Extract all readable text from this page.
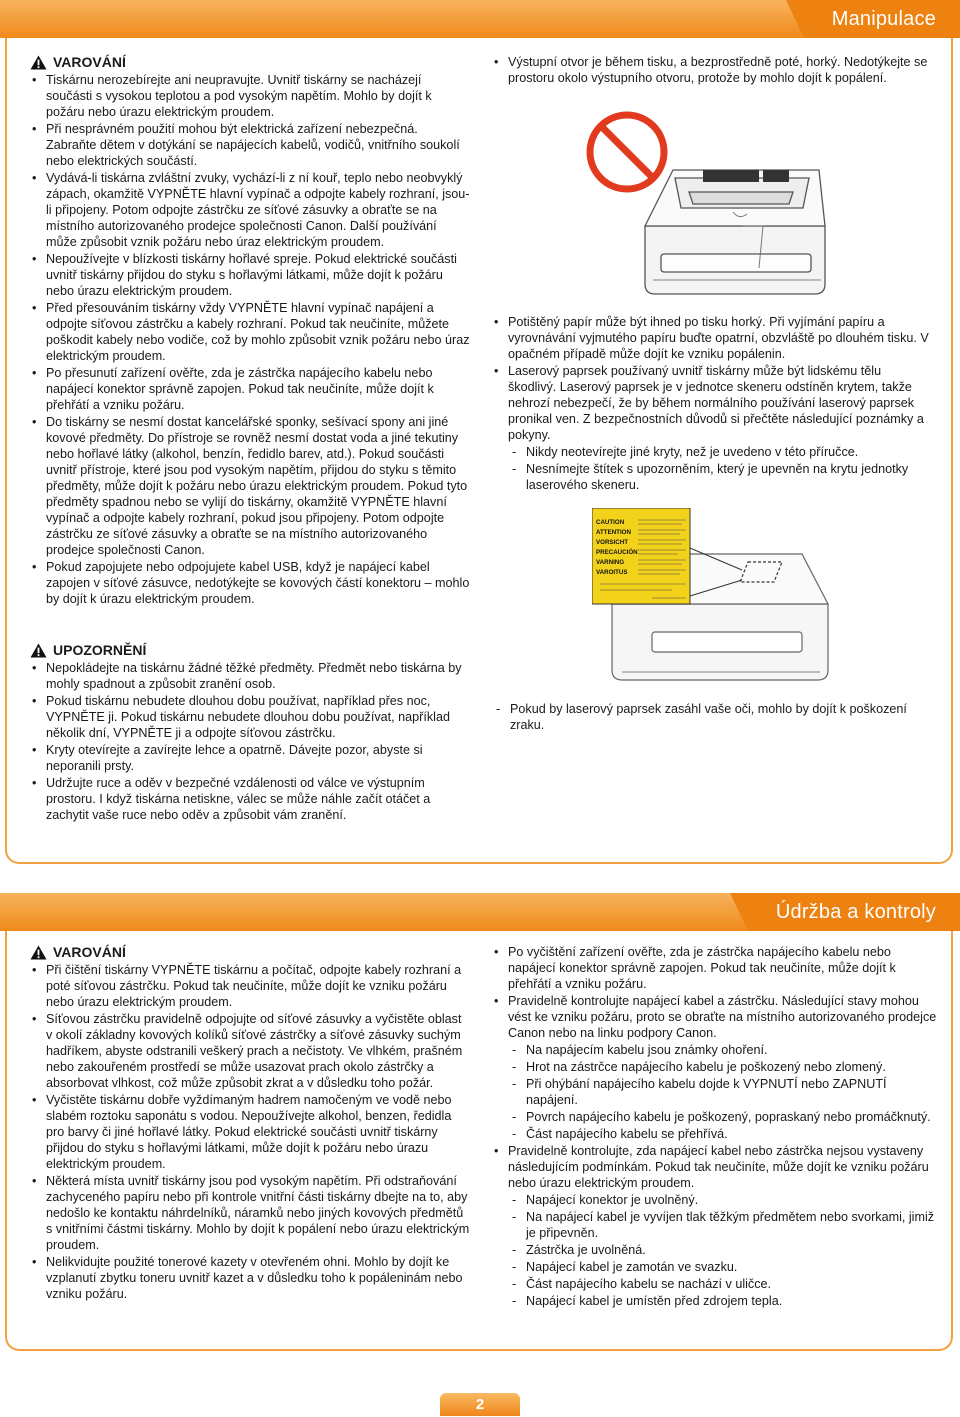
Manipulace
VAROVÁNÍ
• Tiskárnu nerozebírejte ani neupravujte. Uvnitř tiskárny se nacházejí součásti s vysokou teplotou a pod vysokým napětím. Mohlo by dojít k požáru nebo úrazu elektrickým proudem.
• Při nesprávném použití mohou být elektrická zařízení nebezpečná. Zabraňte dětem v dotýkání se napájecích kabelů, vodičů, vnitřního soukolí nebo elektrických součástí.
• Vydává-li tiskárna zvláštní zvuky, vychází-li z ní kouř, teplo nebo neobvyklý zápach, okamžitě VYPNĚTE hlavní vypínač a odpojte kabely rozhraní, jsou-li připojeny. Potom odpojte zástrčku ze síťové zásuvky a obraťte se na místního autorizovaného prodejce společnosti Canon. Další používání může způsobit vznik požáru nebo úraz elektrickým proudem.
• Nepoužívejte v blízkosti tiskárny hořlavé spreje. Pokud elektrické součásti uvnitř tiskárny přijdou do styku s hořlavými látkami, může dojít k požáru nebo úrazu elektrickým proudem.
• Před přesouváním tiskárny vždy VYPNĚTE hlavní vypínač napájení a odpojte síťovou zástrčku a kabely rozhraní. Pokud tak neučiníte, můžete poškodit kabely nebo vodiče, což by mohlo způsobit vznik požáru nebo úraz elektrickým proudem.
• Po přesunutí zařízení ověřte, zda je zástrčka napájecího kabelu nebo napájecí konektor správně zapojen. Pokud tak neučiníte, může dojít k přehřátí a vzniku požáru.
• Do tiskárny se nesmí dostat kancelářské sponky, sešívací spony ani jiné kovové předměty. Do přístroje se rovněž nesmí dostat voda a jiné tekutiny nebo hořlavé látky (alkohol, benzín, ředidlo barev, atd.). Pokud součásti uvnitř přístroje, které jsou pod vysokým napětím, přijdou do styku s těmito předměty, může dojít k požáru nebo úrazu elektrickým proudem. Pokud tyto předměty spadnou nebo se vylijí do tiskárny, okamžitě VYPNĚTE hlavní vypínač a odpojte kabely rozhraní, pokud jsou připojeny. Potom odpojte zástrčku ze síťové zásuvky a obraťte se na místního autorizovaného prodejce společnosti Canon.
• Pokud zapojujete nebo odpojujete kabel USB, když je napájecí kabel zapojen v síťové zásuvce, nedotýkejte se kovových částí konektoru – mohlo by dojít k úrazu elektrickým proudem.
UPOZORNĚNÍ
• Nepokládejte na tiskárnu žádné těžké předměty. Předmět nebo tiskárna by mohly spadnout a způsobit zranění osob.
• Pokud tiskárnu nebudete dlouhou dobu používat, například přes noc, VYPNĚTE ji. Pokud tiskárnu nebudete dlouhou dobu používat, například několik dní, VYPNĚTE ji a odpojte síťovou zástrčku.
• Kryty otevírejte a zavírejte lehce a opatrně. Dávejte pozor, abyste si neporanili prsty.
• Udržujte ruce a oděv v bezpečné vzdálenosti od válce ve výstupním prostoru. I když tiskárna netiskne, válec se může náhle začít otáčet a zachytit vaše ruce nebo oděv a způsobit vám zranění.
• Výstupní otvor je během tisku, a bezprostředně poté, horký. Nedotýkejte se prostoru okolo výstupního otvoru, protože by mohlo dojít k popálení.
• Potištěný papír může být ihned po tisku horký. Při vyjímání papíru a vyrovnávání vyjmutého papíru buďte opatrní, obzvláště po dlouhém tisku. V opačném případě může dojít ke vzniku popálenin.
• Laserový paprsek používaný uvnitř tiskárny může být lidskému tělu škodlivý. Laserový paprsek je v jednotce skeneru odstíněn krytem, takže nehrozí nebezpečí, že by během normálního používání laserový paprsek pronikal ven. Z bezpečnostních důvodů si přečtěte následující poznámky a pokyny.
- Nikdy neotevírejte jiné kryty, než je uvedeno v této příručce.
- Nesnímejte štítek s upozorněním, který je upevněn na krytu jednotky laserového skeneru.
CAUTION
ATTENTION
VORSICHT
PRECAUCIÓN
VARNING
VAROITUS
- Pokud by laserový paprsek zasáhl vaše oči, mohlo by dojít k poškození zraku.
Údržba a kontroly
VAROVÁNÍ
• Při čištění tiskárny VYPNĚTE tiskárnu a počítač, odpojte kabely rozhraní a poté síťovou zástrčku. Pokud tak neučiníte, může dojít ke vzniku požáru nebo úrazu elektrickým proudem.
• Síťovou zástrčku pravidelně odpojujte od síťové zásuvky a vyčistěte oblast v okolí základny kovových kolíků síťové zástrčky a síťové zásuvky suchým hadříkem, abyste odstranili veškerý prach a nečistoty. Ve vlhkém, prašném nebo zakouřeném prostředí se může usazovat prach okolo zástrčky a absorbovat vlhkost, což může způsobit zkrat a v důsledku toho požár.
• Vyčistěte tiskárnu dobře vyždímaným hadrem namočeným ve vodě nebo slabém roztoku saponátu s vodou. Nepoužívejte alkohol, benzen, ředidla pro barvy či jiné hořlavé látky. Pokud elektrické součásti uvnitř tiskárny přijdou do styku s hořlavými látkami, může dojít k požáru nebo úrazu elektrickým proudem.
• Některá místa uvnitř tiskárny jsou pod vysokým napětím. Při odstraňování zachyceného papíru nebo při kontrole vnitřní části tiskárny dbejte na to, aby nedošlo ke kontaktu náhrdelníků, náramků nebo jiných kovových předmětů s vnitřními částmi tiskárny. Mohlo by dojít k popálení nebo úrazu elektrickým proudem.
• Nelikvidujte použité tonerové kazety v otevřeném ohni. Mohlo by dojít ke vzplanutí zbytku toneru uvnitř kazet a v důsledku toho k popáleninám nebo vzniku požáru.
• Po vyčištění zařízení ověřte, zda je zástrčka napájecího kabelu nebo napájecí konektor správně zapojen. Pokud tak neučiníte, může dojít k přehřátí a vzniku požáru.
• Pravidelně kontrolujte napájecí kabel a zástrčku. Následující stavy mohou vést ke vzniku požáru, proto se obraťte na místního autorizovaného prodejce Canon nebo na linku podpory Canon.
- Na napájecím kabelu jsou známky ohoření.
- Hrot na zástrčce napájecího kabelu je poškozený nebo zlomený.
- Při ohýbání napájecího kabelu dojde k VYPNUTÍ nebo ZAPNUTÍ napájení.
- Povrch napájecího kabelu je poškozený, popraskaný nebo promáčknutý.
- Část napájecího kabelu se přehřívá.
• Pravidelně kontrolujte, zda napájecí kabel nebo zástrčka nejsou vystaveny následujícím podmínkám. Pokud tak neučiníte, může dojít ke vzniku požáru nebo úrazu elektrickým proudem.
- Napájecí konektor je uvolněný.
- Na napájecí kabel je vyvíjen tlak těžkým předmětem nebo svorkami, jimiž je připevněn.
- Zástrčka je uvolněná.
- Napájecí kabel je zamotán ve svazku.
- Část napájecího kabelu se nachází v uličce.
- Napájecí kabel je umístěn před zdrojem tepla.
2
